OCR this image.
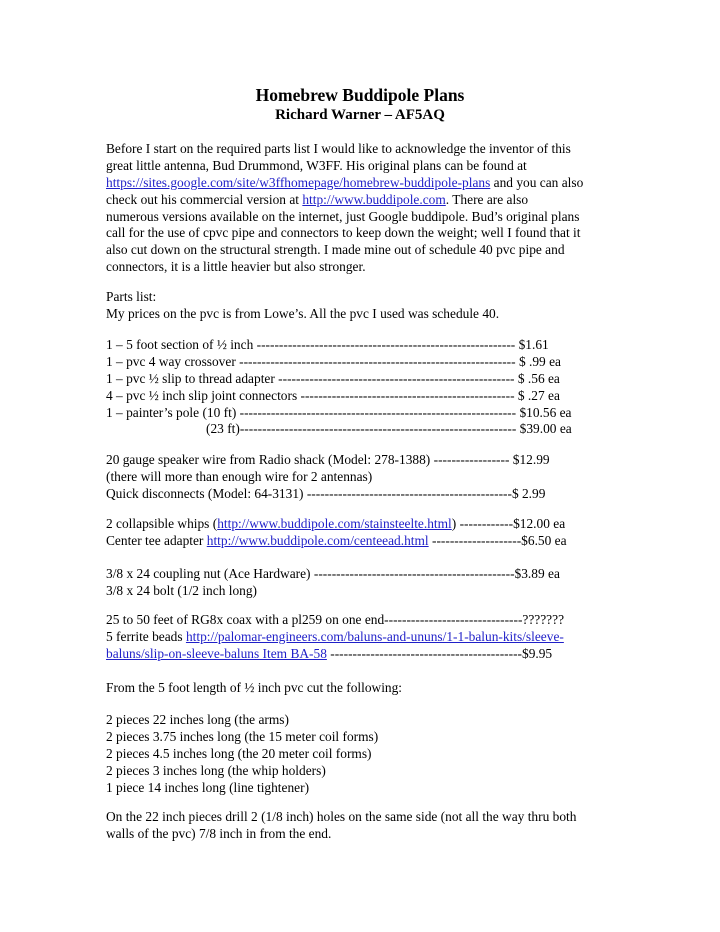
Homebrew Buddipole Plans
Richard Warner – AF5AQ
Before I start on the required parts list I would like to acknowledge the inventor of this
great little antenna, Bud Drummond, W3FF. His original plans can be found at
https://sites.google.com/site/w3ffhomepage/homebrew-buddipole-plans and you can also
check out his commercial version at http://www.buddipole.com. There are also
numerous versions available on the internet, just Google buddipole. Bud’s original plans
call for the use of cpvc pipe and connectors to keep down the weight; well I found that it
also cut down on the structural strength. I made mine out of schedule 40 pvc pipe and
connectors, it is a little heavier but also stronger.
Parts list:
My prices on the pvc is from Lowe’s. All the pvc I used was schedule 40.
1 – 5 foot section of ½ inch ---------------------------------------------------------- $1.61
1 – pvc 4 way crossover -------------------------------------------------------------- $ .99 ea
1 – pvc ½ slip to thread adapter ----------------------------------------------------- $ .56 ea
4 – pvc ½ inch slip joint connectors ------------------------------------------------ $ .27 ea
1 – painter’s pole (10 ft) -------------------------------------------------------------- $10.56 ea
(23 ft)-------------------------------------------------------------- $39.00 ea
20 gauge speaker wire from Radio shack (Model: 278-1388) ----------------- $12.99
(there will more than enough wire for 2 antennas)
Quick disconnects (Model: 64-3131) ----------------------------------------------$ 2.99
2 collapsible whips (http://www.buddipole.com/stainsteelte.html) ------------$12.00 ea
Center tee adapter http://www.buddipole.com/centeead.html --------------------$6.50 ea
3/8 x 24 coupling nut (Ace Hardware) ---------------------------------------------$3.89 ea
3/8 x 24 bolt (1/2 inch long)
25 to 50 feet of RG8x coax with a pl259 on one end-------------------------------???????
5 ferrite beads http://palomar-engineers.com/baluns-and-ununs/1-1-balun-kits/sleeve-
baluns/slip-on-sleeve-baluns Item BA-58 -------------------------------------------$9.95
From the 5 foot length of ½ inch pvc cut the following:
2 pieces 22 inches long (the arms)
2 pieces 3.75 inches long (the 15 meter coil forms)
2 pieces 4.5 inches long (the 20 meter coil forms)
2 pieces 3 inches long (the whip holders)
1 piece 14 inches long (line tightener)
On the 22 inch pieces drill 2 (1/8 inch) holes on the same side (not all the way thru both
walls of the pvc) 7/8 inch in from the end.
